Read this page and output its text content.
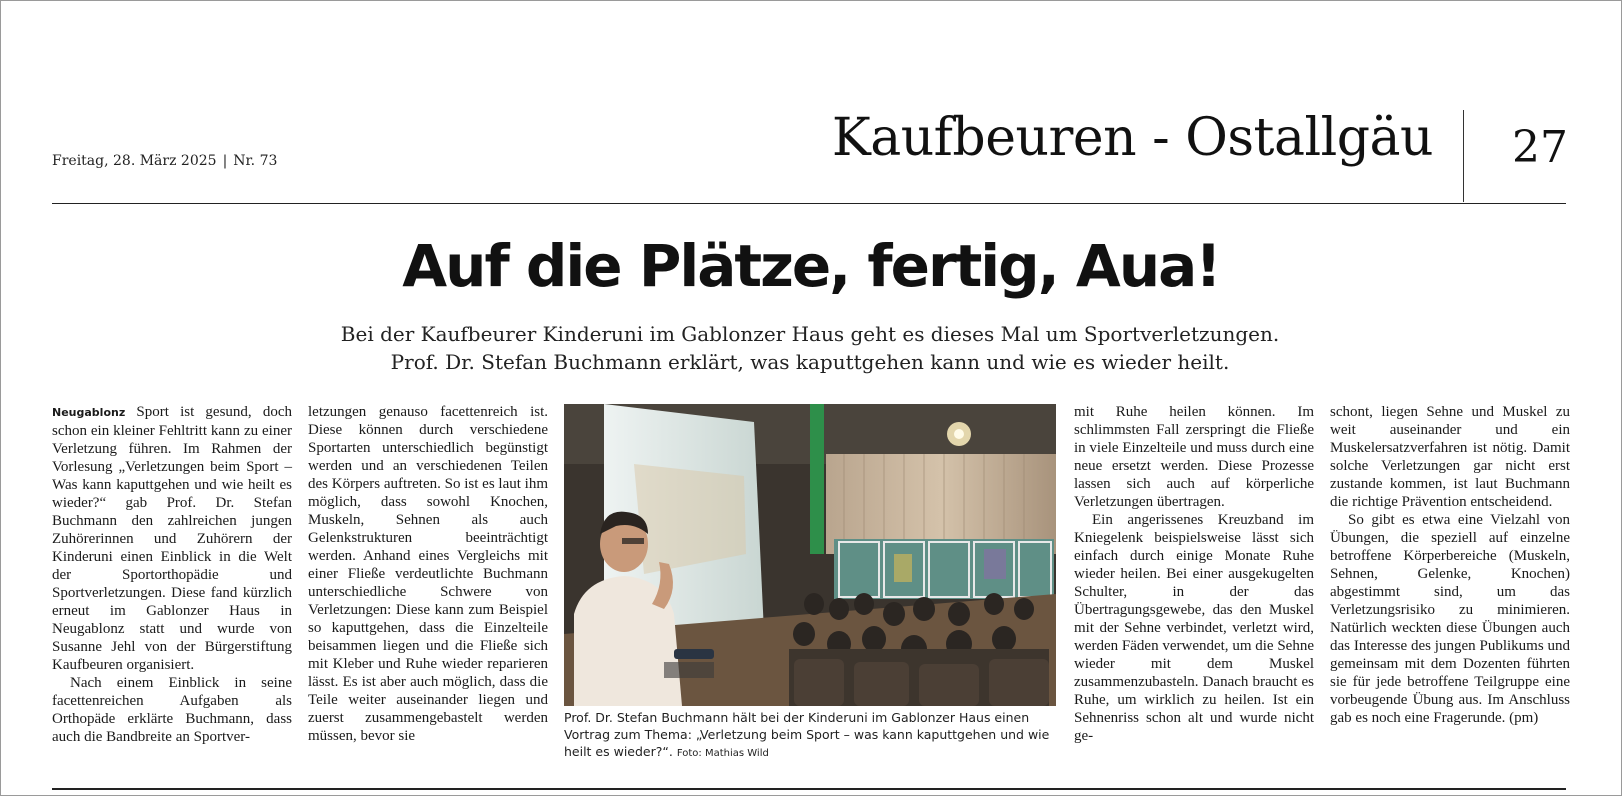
Freitag, 28. März 2025 | Nr. 73	Kaufbeuren - Ostallgäu 27
Auf die Plätze, fertig, Aua!
Bei der Kaufbeurer Kinderuni im Gablonzer Haus geht es dieses Mal um Sportverletzungen.
Prof. Dr. Stefan Buchmann erklärt, was kaputtgehen kann und wie es wieder heilt.

Neugablonz Sport ist gesund, doch schon ein kleiner Fehltritt kann zu einer Verletzung führen. Im Rahmen der Vorlesung „Verletzungen beim Sport – Was kann kaputtgehen und wie heilt es wieder?“ gab Prof. Dr. Stefan Buchmann den zahlreichen jungen Zuhörerinnen und Zuhörern der Kinderuni einen Einblick in die Welt der Sportorthopädie und Sportverletzungen. Diese fand kürzlich erneut im Gablonzer Haus in Neugablonz statt und wurde von Susanne Jehl von der Bürgerstiftung Kaufbeuren organisiert.

Nach einem Einblick in seine facettenreichen Aufgaben als Orthopäde erklärte Buchmann, dass auch die Bandbreite an Sportver-

letzungen genauso facettenreich ist. Diese können durch verschiedene Sportarten unterschiedlich begünstigt werden und an verschiedenen Teilen des Körpers auftreten. So ist es laut ihm möglich, dass sowohl Knochen, Muskeln, Sehnen als auch Gelenkstrukturen beeinträchtigt werden. Anhand eines Vergleichs mit einer Fließe verdeutlichte Buchmann unterschiedliche Schwere von Verletzungen: Diese kann zum Beispiel so kaputtgehen, dass die Einzelteile beisammen liegen und die Fließe sich mit Kleber und Ruhe wieder reparieren lässt. Es ist aber auch möglich, dass die Teile weiter auseinander liegen und zuerst zusammengebastelt werden müssen, bevor sie

Prof. Dr. Stefan Buchmann hält bei der Kinderuni im Gablonzer Haus einen Vortrag zum Thema: „Verletzung beim Sport – was kann kaputtgehen und wie heilt es wieder?“. Foto: Mathias Wild

mit Ruhe heilen können. Im schlimmsten Fall zerspringt die Fließe in viele Einzelteile und muss durch eine neue ersetzt werden. Diese Prozesse lassen sich auch auf körperliche Verletzungen übertragen.

Ein angerissenes Kreuzband im Kniegelenk beispielsweise lässt sich einfach durch einige Monate Ruhe wieder heilen. Bei einer ausgekugelten Schulter, in der das Übertragungsgewebe, das den Muskel mit der Sehne verbindet, verletzt wird, werden Fäden verwendet, um die Sehne wieder mit dem Muskel zusammenzubasteln. Danach braucht es Ruhe, um wirklich zu heilen. Ist ein Sehnenriss schon alt und wurde nicht ge-

schont, liegen Sehne und Muskel zu weit auseinander und ein Muskelersatzverfahren ist nötig. Damit solche Verletzungen gar nicht erst zustande kommen, ist laut Buchmann die richtige Prävention entscheidend.

So gibt es etwa eine Vielzahl von Übungen, die speziell auf einzelne betroffene Körperbereiche (Muskeln, Sehnen, Gelenke, Knochen) abgestimmt sind, um das Verletzungsrisiko zu minimieren. Natürlich weckten diese Übungen auch das Interesse des jungen Publikums und gemeinsam mit dem Dozenten führten sie für jede betroffene Teilgruppe eine vorbeugende Übung aus. Im Anschluss gab es noch eine Fragerunde. (pm)
